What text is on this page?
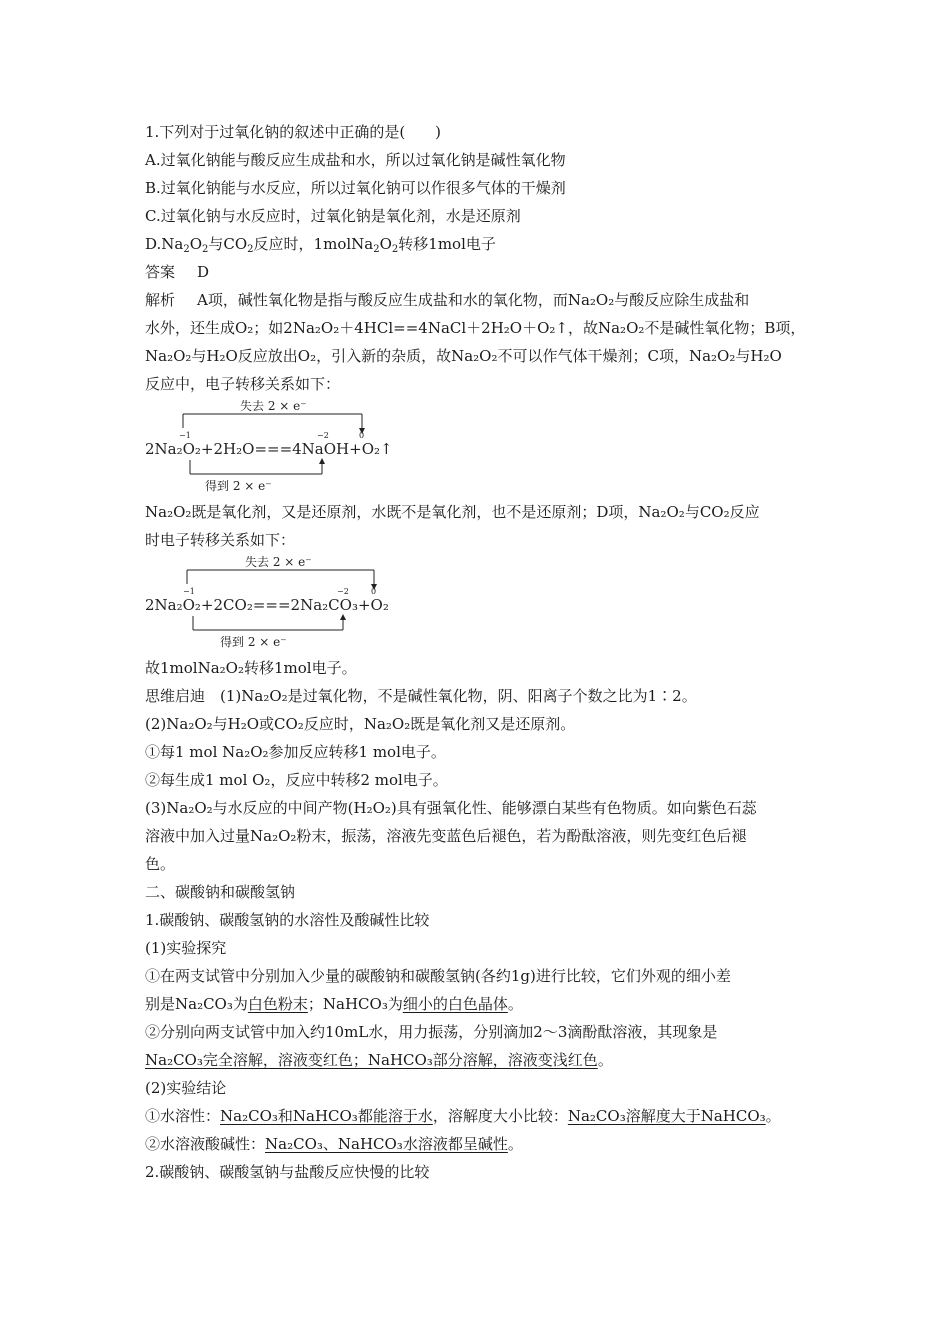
1.下列对于过氧化钠的叙述中正确的是(　　)
A.过氧化钠能与酸反应生成盐和水，所以过氧化钠是碱性氧化物
B.过氧化钠能与水反应，所以过氧化钠可以作很多气体的干燥剂
C.过氧化钠与水反应时，过氧化钠是氧化剂，水是还原剂
$D.Na_2O_2$与$CO_2$反应时，$1molNa_2O_2$转移1mol电子
答案 D
解析 A项，碱性氧化物是指与酸反应生成盐和水的氧化物，而Na₂O₂与酸反应除生成盐和
水外，还生成O₂；如2Na₂O₂＋4HCl==4NaCl＋2H₂O＋O₂↑，故Na₂O₂不是碱性氧化物；B项，
Na₂O₂与H₂O反应放出O₂，引入新的杂质，故Na₂O₂不可以作气体干燥剂；C项，Na₂O₂与H₂O
反应中，电子转移关系如下：
失去 2 × e⁻
−1	−2	0
2Na₂O₂+2H₂O===4NaOH+O₂↑
得到 2 × e⁻
Na₂O₂既是氧化剂，又是还原剂，水既不是氧化剂，也不是还原剂；D项，Na₂O₂与CO₂反应
时电子转移关系如下：
失去 2 × e⁻
−1	−2	0
2Na₂O₂+2CO₂===2Na₂CO₃+O₂
得到 2 × e⁻
故1molNa₂O₂转移1mol电子。
思维启迪　(1)Na₂O₂是过氧化物，不是碱性氧化物，阴、阳离子个数之比为1∶2。
(2)Na₂O₂与H₂O或CO₂反应时，Na₂O₂既是氧化剂又是还原剂。
①每1 mol Na₂O₂参加反应转移1 mol电子。
②每生成1 mol O₂，反应中转移2 mol电子。
(3)Na₂O₂与水反应的中间产物(H₂O₂)具有强氧化性、能够漂白某些有色物质。如向紫色石蕊
溶液中加入过量Na₂O₂粉末，振荡，溶液先变蓝色后褪色，若为酚酞溶液，则先变红色后褪
色。
二、碳酸钠和碳酸氢钠
1.碳酸钠、碳酸氢钠的水溶性及酸碱性比较
(1)实验探究
①在两支试管中分别加入少量的碳酸钠和碳酸氢钠(各约1g)进行比较，它们外观的细小差
别是Na₂CO₃为白色粉末；NaHCO₃为细小的白色晶体。
②分别向两支试管中加入约10mL水，用力振荡，分别滴加2～3滴酚酞溶液，其现象是
Na₂CO₃完全溶解，溶液变红色；NaHCO₃部分溶解，溶液变浅红色。
(2)实验结论
①水溶性：Na₂CO₃和NaHCO₃都能溶于水，溶解度大小比较：Na₂CO₃溶解度大于NaHCO₃。
②水溶液酸碱性：Na₂CO₃、NaHCO₃水溶液都呈碱性。
2.碳酸钠、碳酸氢钠与盐酸反应快慢的比较
